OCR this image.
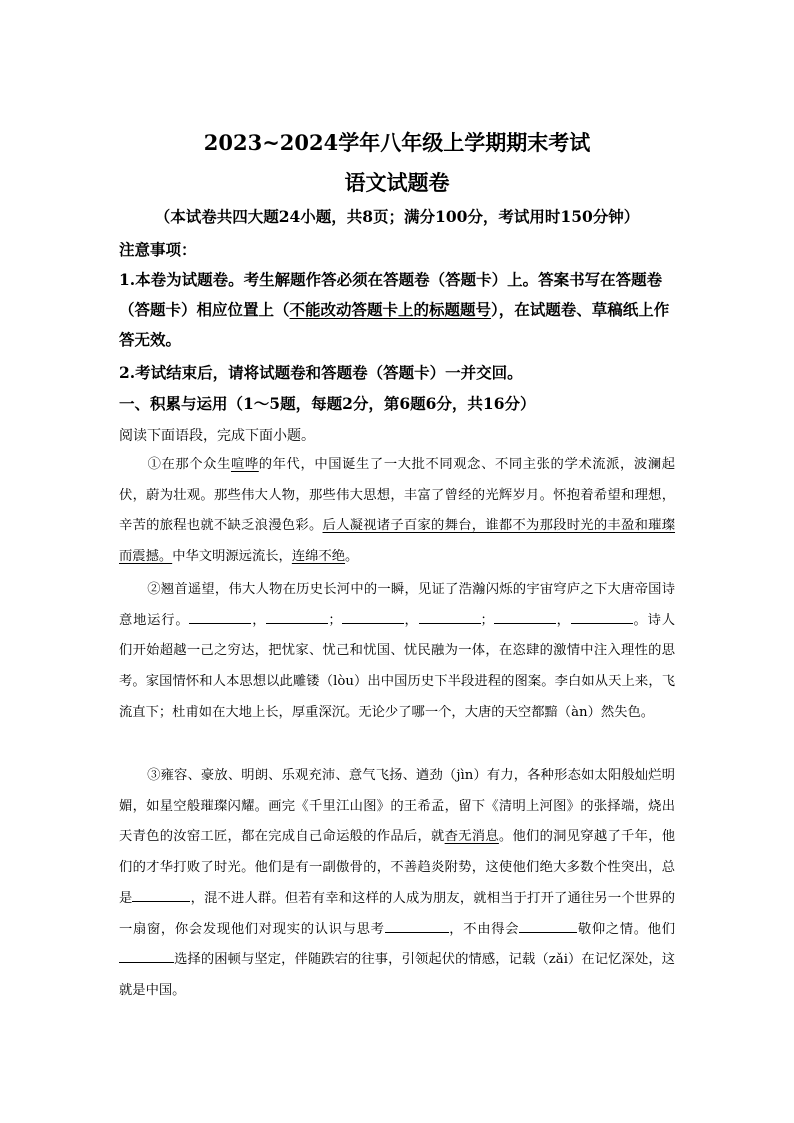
2023~2024学年八年级上学期期末考试
语文试题卷
（本试卷共四大题24小题，共8页；满分100分，考试用时150分钟）
注意事项：
1.本卷为试题卷。考生解题作答必须在答题卷（答题卡）上。答案书写在答题卷（答题卡）相应位置上（不能改动答题卡上的标题题号），在试题卷、草稿纸上作答无效。
2.考试结束后，请将试题卷和答题卷（答题卡）一并交回。
一、积累与运用（1～5题，每题2分，第6题6分，共16分）
阅读下面语段，完成下面小题。
①在那个众生喧哗的年代，中国诞生了一大批不同观念、不同主张的学术流派，波澜起伏，蔚为壮观。那些伟大人物，那些伟大思想，丰富了曾经的光辉岁月。怀抱着希望和理想，辛苦的旅程也就不缺乏浪漫色彩。后人凝视诸子百家的舞台，谁都不为那段时光的丰盈和璀璨而震撼。中华文明源远流长，连绵不绝。
②翘首遥望，伟大人物在历史长河中的一瞬，见证了浩瀚闪烁的宇宙穹庐之下大唐帝国诗意地运行。	，	；	，	；	，	。诗人们开始超越一己之穷达，把忧家、忧己和忧国、忧民融为一体，在恣肆的激情中注入理性的思考。家国情怀和人本思想以此雕镂（lòu）出中国历史下半段进程的图案。李白如从天上来，飞流直下；杜甫如在大地上长，厚重深沉。无论少了哪一个，大唐的天空都黯（àn）然失色。
③雍容、豪放、明朗、乐观充沛、意气飞扬、遒劲（jìn）有力，各种形态如太阳般灿烂明媚，如星空般璀璨闪耀。画完《千里江山图》的王希孟，留下《清明上河图》的张择端，烧出天青色的汝窑工匠，都在完成自己命运般的作品后，就杳无消息。他们的洞见穿越了千年，他们的才华打败了时光。他们是有一副傲骨的，不善趋炎附势，这使他们绝大多数个性突出，总是	，混不进人群。但若有幸和这样的人成为朋友，就相当于打开了通往另一个世界的一扇窗，你会发现他们对现实的认识与思考	，不由得会	敬仰之情。他们选择的困顿与坚定，伴随跌宕的往事，引领起伏的情感，记载（zǎi）在记忆深处，这就是中国。
